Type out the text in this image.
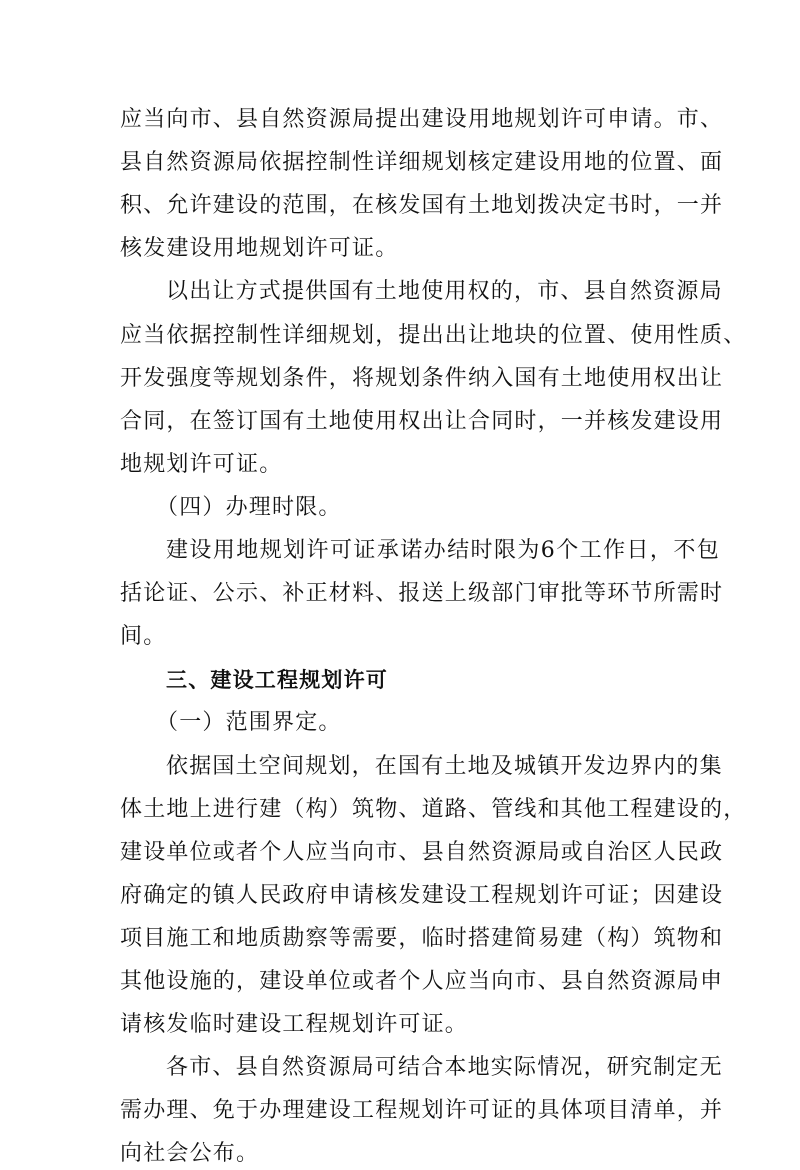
应当向市、县自然资源局提出建设用地规划许可申请。市、
县自然资源局依据控制性详细规划核定建设用地的位置、面
积、允许建设的范围，在核发国有土地划拨决定书时，一并
核发建设用地规划许可证。
以出让方式提供国有土地使用权的，市、县自然资源局
应当依据控制性详细规划，提出出让地块的位置、使用性质、
开发强度等规划条件，将规划条件纳入国有土地使用权出让
合同，在签订国有土地使用权出让合同时，一并核发建设用
地规划许可证。
（四）办理时限。
建设用地规划许可证承诺办结时限为6个工作日，不包
括论证、公示、补正材料、报送上级部门审批等环节所需时
间。
三、建设工程规划许可
（一）范围界定。
依据国土空间规划，在国有土地及城镇开发边界内的集
体土地上进行建（构）筑物、道路、管线和其他工程建设的，
建设单位或者个人应当向市、县自然资源局或自治区人民政
府确定的镇人民政府申请核发建设工程规划许可证；因建设
项目施工和地质勘察等需要，临时搭建简易建（构）筑物和
其他设施的，建设单位或者个人应当向市、县自然资源局申
请核发临时建设工程规划许可证。
各市、县自然资源局可结合本地实际情况，研究制定无
需办理、免于办理建设工程规划许可证的具体项目清单，并
向社会公布。
